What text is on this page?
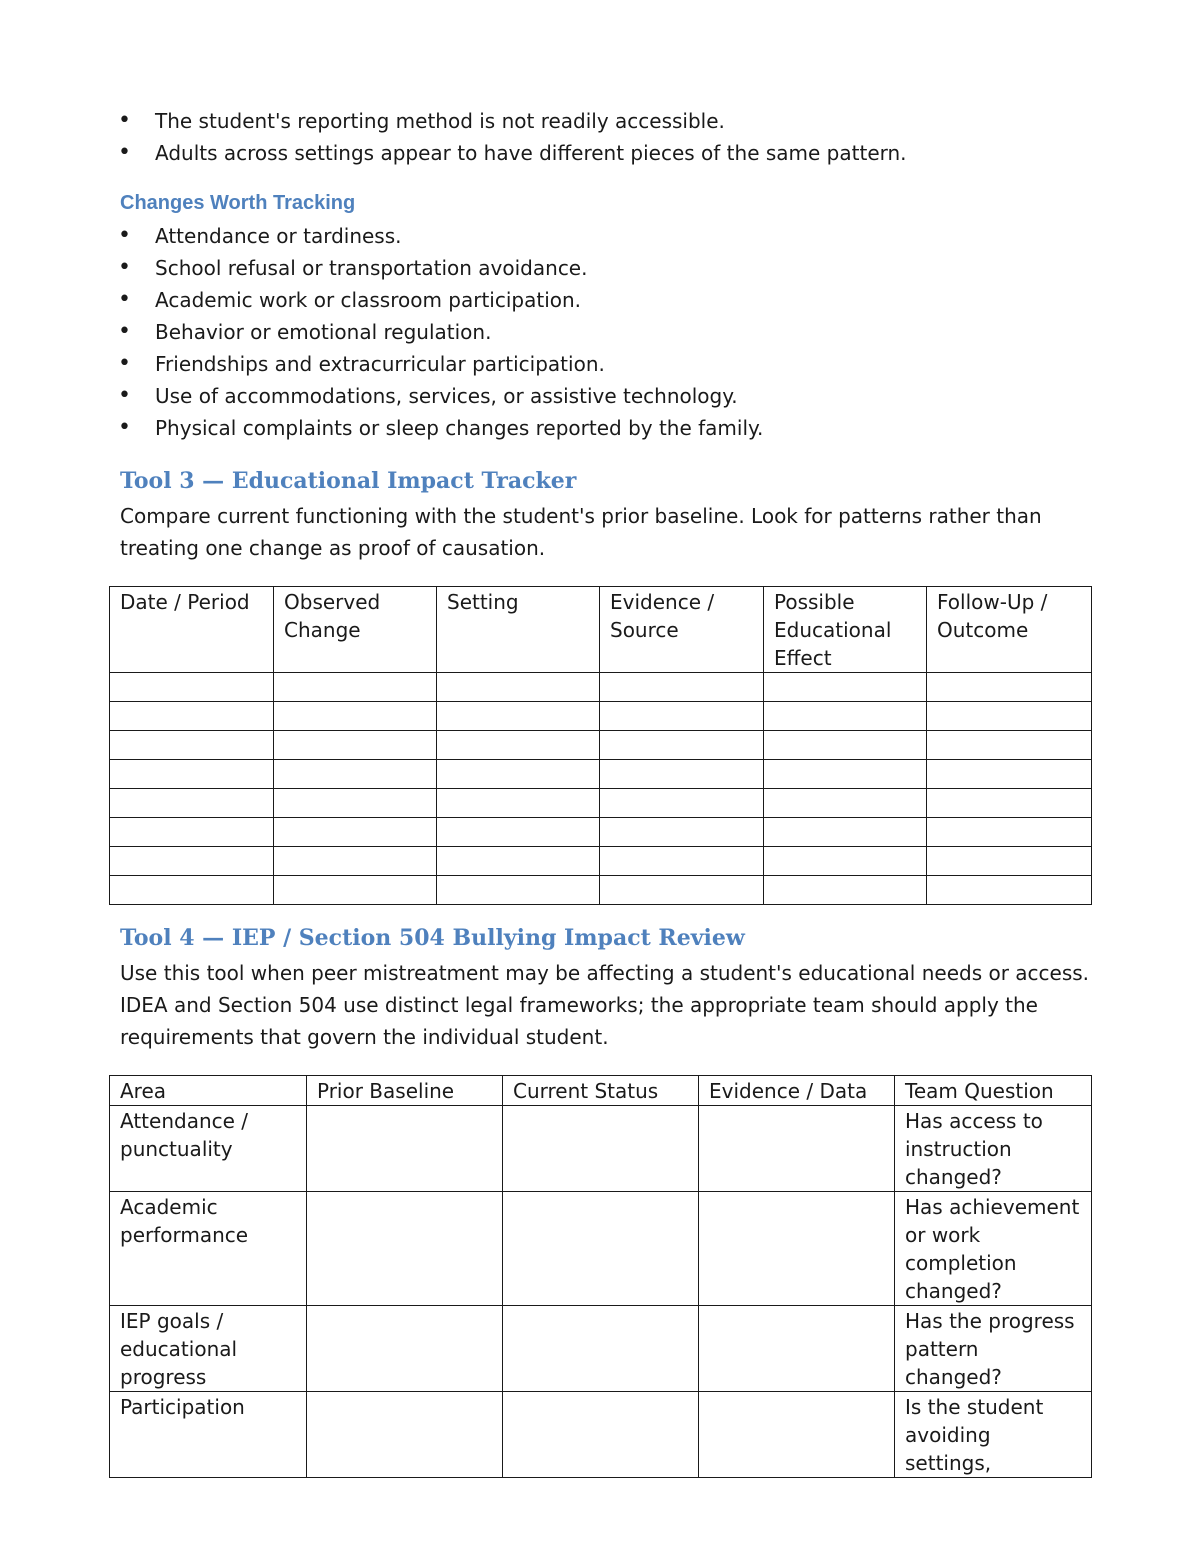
• The student's reporting method is not readily accessible.
• Adults across settings appear to have different pieces of the same pattern.
Changes Worth Tracking
• Attendance or tardiness.
• School refusal or transportation avoidance.
• Academic work or classroom participation.
• Behavior or emotional regulation.
• Friendships and extracurricular participation.
• Use of accommodations, services, or assistive technology.
• Physical complaints or sleep changes reported by the family.
Tool 3 — Educational Impact Tracker
Compare current functioning with the student's prior baseline. Look for patterns rather than treating one change as proof of causation.
Date / Period	Observed Change	Setting	Evidence / Source	Possible Educational Effect	Follow-Up / Outcome

Tool 4 — IEP / Section 504 Bullying Impact Review
Use this tool when peer mistreatment may be affecting a student's educational needs or access. IDEA and Section 504 use distinct legal frameworks; the appropriate team should apply the requirements that govern the individual student.
Area	Prior Baseline	Current Status	Evidence / Data	Team Question
Attendance / punctuality				Has access to instruction changed?
Academic performance				Has achievement or work completion changed?
IEP goals / educational progress				Has the progress pattern changed?
Participation				Is the student avoiding settings,
